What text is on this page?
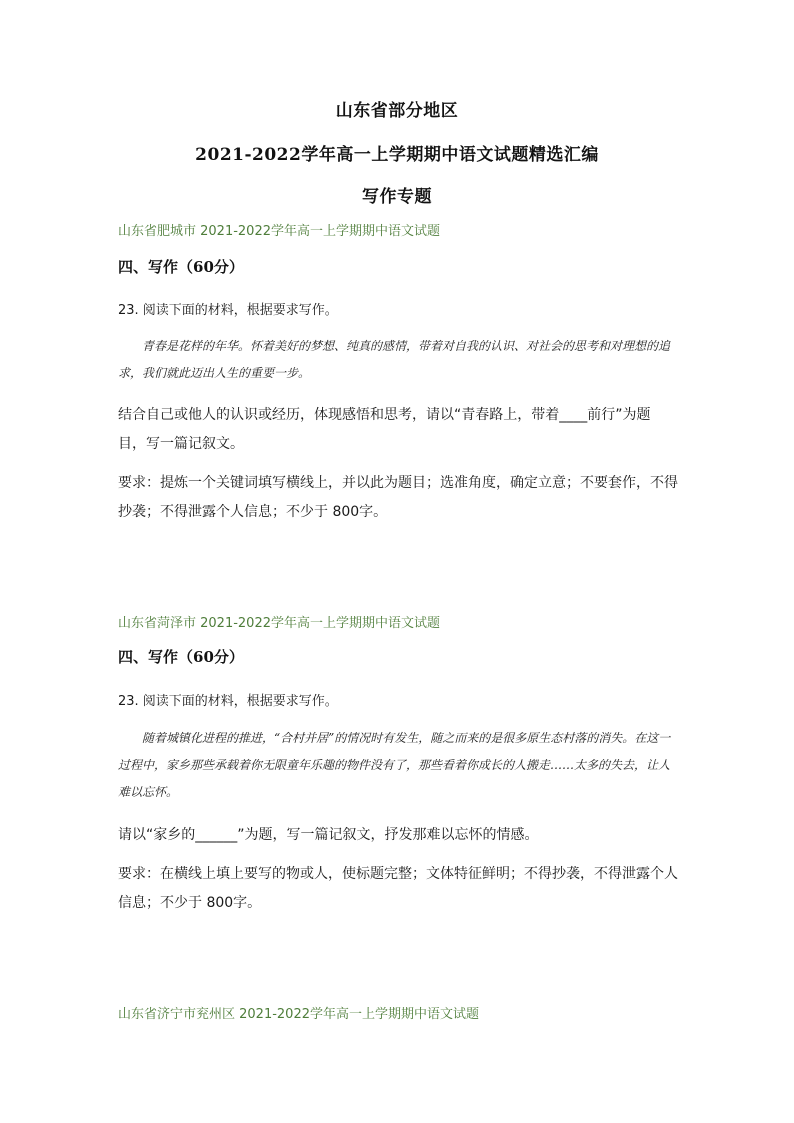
山东省部分地区
2021-2022学年高一上学期期中语文试题精选汇编
写作专题
山东省肥城市 2021-2022学年高一上学期期中语文试题
四、写作（60分）
23. 阅读下面的材料，根据要求写作。

青春是花样的年华。怀着美好的梦想、纯真的感情，带着对自我的认识、对社会的思考和对理想的追求，我们就此迈出人生的重要一步。

结合自己或他人的认识或经历，体现感悟和思考，请以“青春路上，带着____前行”为题目，写一篇记叙文。

要求：提炼一个关键词填写横线上，并以此为题目；选准角度，确定立意；不要套作，不得抄袭；不得泄露个人信息；不少于 800字。

山东省菏泽市 2021-2022学年高一上学期期中语文试题
四、写作（60分）
23. 阅读下面的材料，根据要求写作。

随着城镇化进程的推进，“合村并居”的情况时有发生，随之而来的是很多原生态村落的消失。在这一过程中，家乡那些承载着你无限童年乐趣的物件没有了，那些看着你成长的人搬走……太多的失去，让人难以忘怀。

请以“家乡的______”为题，写一篇记叙文，抒发那难以忘怀的情感。

要求：在横线上填上要写的物或人，使标题完整；文体特征鲜明；不得抄袭，不得泄露个人信息；不少于 800字。

山东省济宁市兖州区 2021-2022学年高一上学期期中语文试题
